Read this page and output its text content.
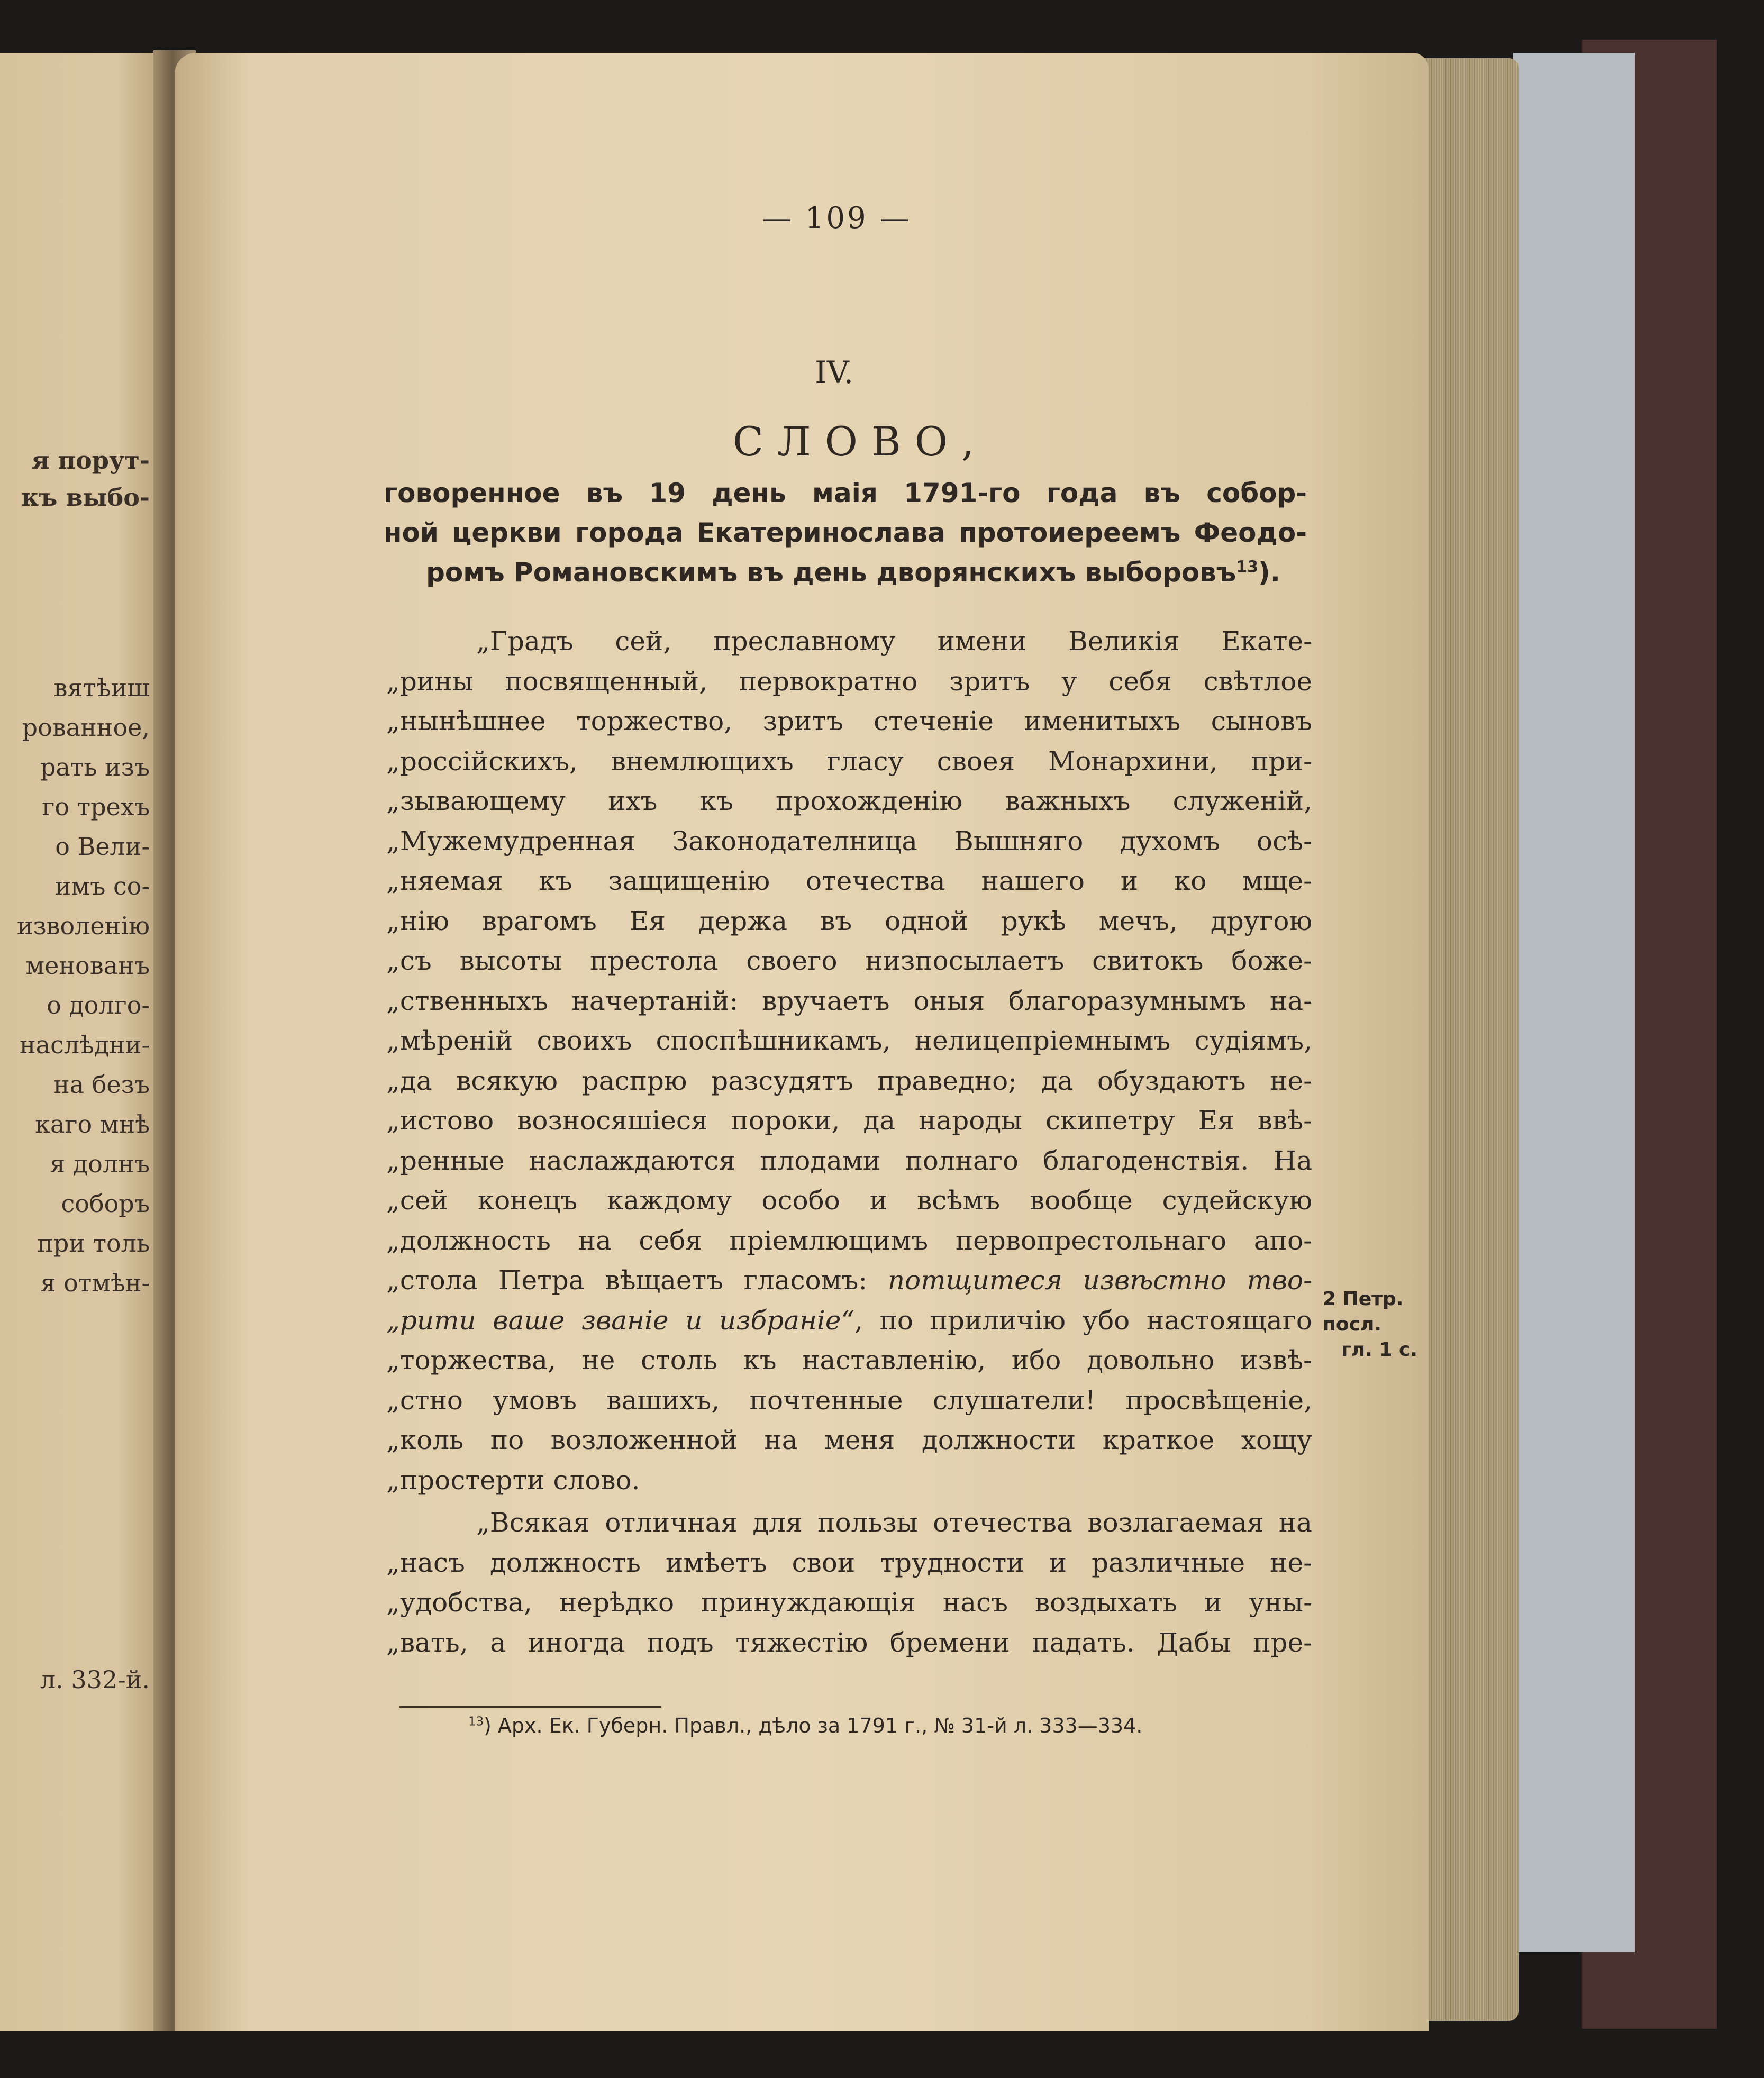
я порут-
къ выбо-
вятѣиш
рованное,
рать изъ
го трехъ
о Вели-
имъ со-
изволенію
менованъ
о долго-
наслѣдни-
на безъ
каго мнѣ
я долнъ
соборъ
при толь
я отмѣн-
л. 332-й.
— 109 —
IV.
СЛОВО,
говоренное въ 19 день маія 1791-го года въ собор-
ной церкви города Екатеринослава протоиереемъ Феодо-
ромъ Романовскимъ въ день дворянскихъ выборовъ$^{13}$).
„Градъ сей, преславному имени Великія Екате-
„рины посвященный, первократно зритъ у себя свѣтлое
„нынѣшнее торжество, зритъ стеченіе именитыхъ сыновъ
„россійскихъ, внемлющихъ гласу своея Монархини, при-
„зывающему ихъ къ прохожденію важныхъ служеній,
„Мужемудренная Законодателница Вышняго духомъ осѣ-
„няемая къ защищенію отечества нашего и ко мще-
„нію врагомъ Ея держа въ одной рукѣ мечъ, другою
„съ высоты престола своего низпосылаетъ свитокъ боже-
„ственныхъ начертаній: вручаетъ оныя благоразумнымъ на-
„мѣреній своихъ споспѣшникамъ, нелицепріемнымъ судіямъ,
„да всякую распрю разсудятъ праведно; да обуздаютъ не-
„истово возносяшіеся пороки, да народы скипетру Ея ввѣ-
„ренные наслаждаются плодами полнаго благоденствія. На
„сей конецъ каждому особо и всѣмъ вообще судейскую
„должность на себя пріемлющимъ первопрестольнаго апо-
„стола Петра вѣщаетъ гласомъ: потщитеся извѣстно тво-
„рити ваше званіе и избраніе“, по приличію убо настоящаго
„торжества, не столь къ наставленію, ибо довольно извѣ-
„стно умовъ вашихъ, почтенные слушатели! просвѣщеніе,
„коль по возложенной на меня должности краткое хощу
„простерти слово.
„Всякая отличная для пользы отечества возлагаемая на
„насъ должность имѣетъ свои трудности и различные не-
„удобства, нерѣдко принуждающія насъ воздыхать и уны-
„вать, а иногда подъ тяжестію бремени падать. Дабы пре-
2 Петр. посл.
гл. 1 с.
$^{13}$) Арх. Ек. Губерн. Правл., дѣло за 1791 г., № 31-й л. 333—334.
